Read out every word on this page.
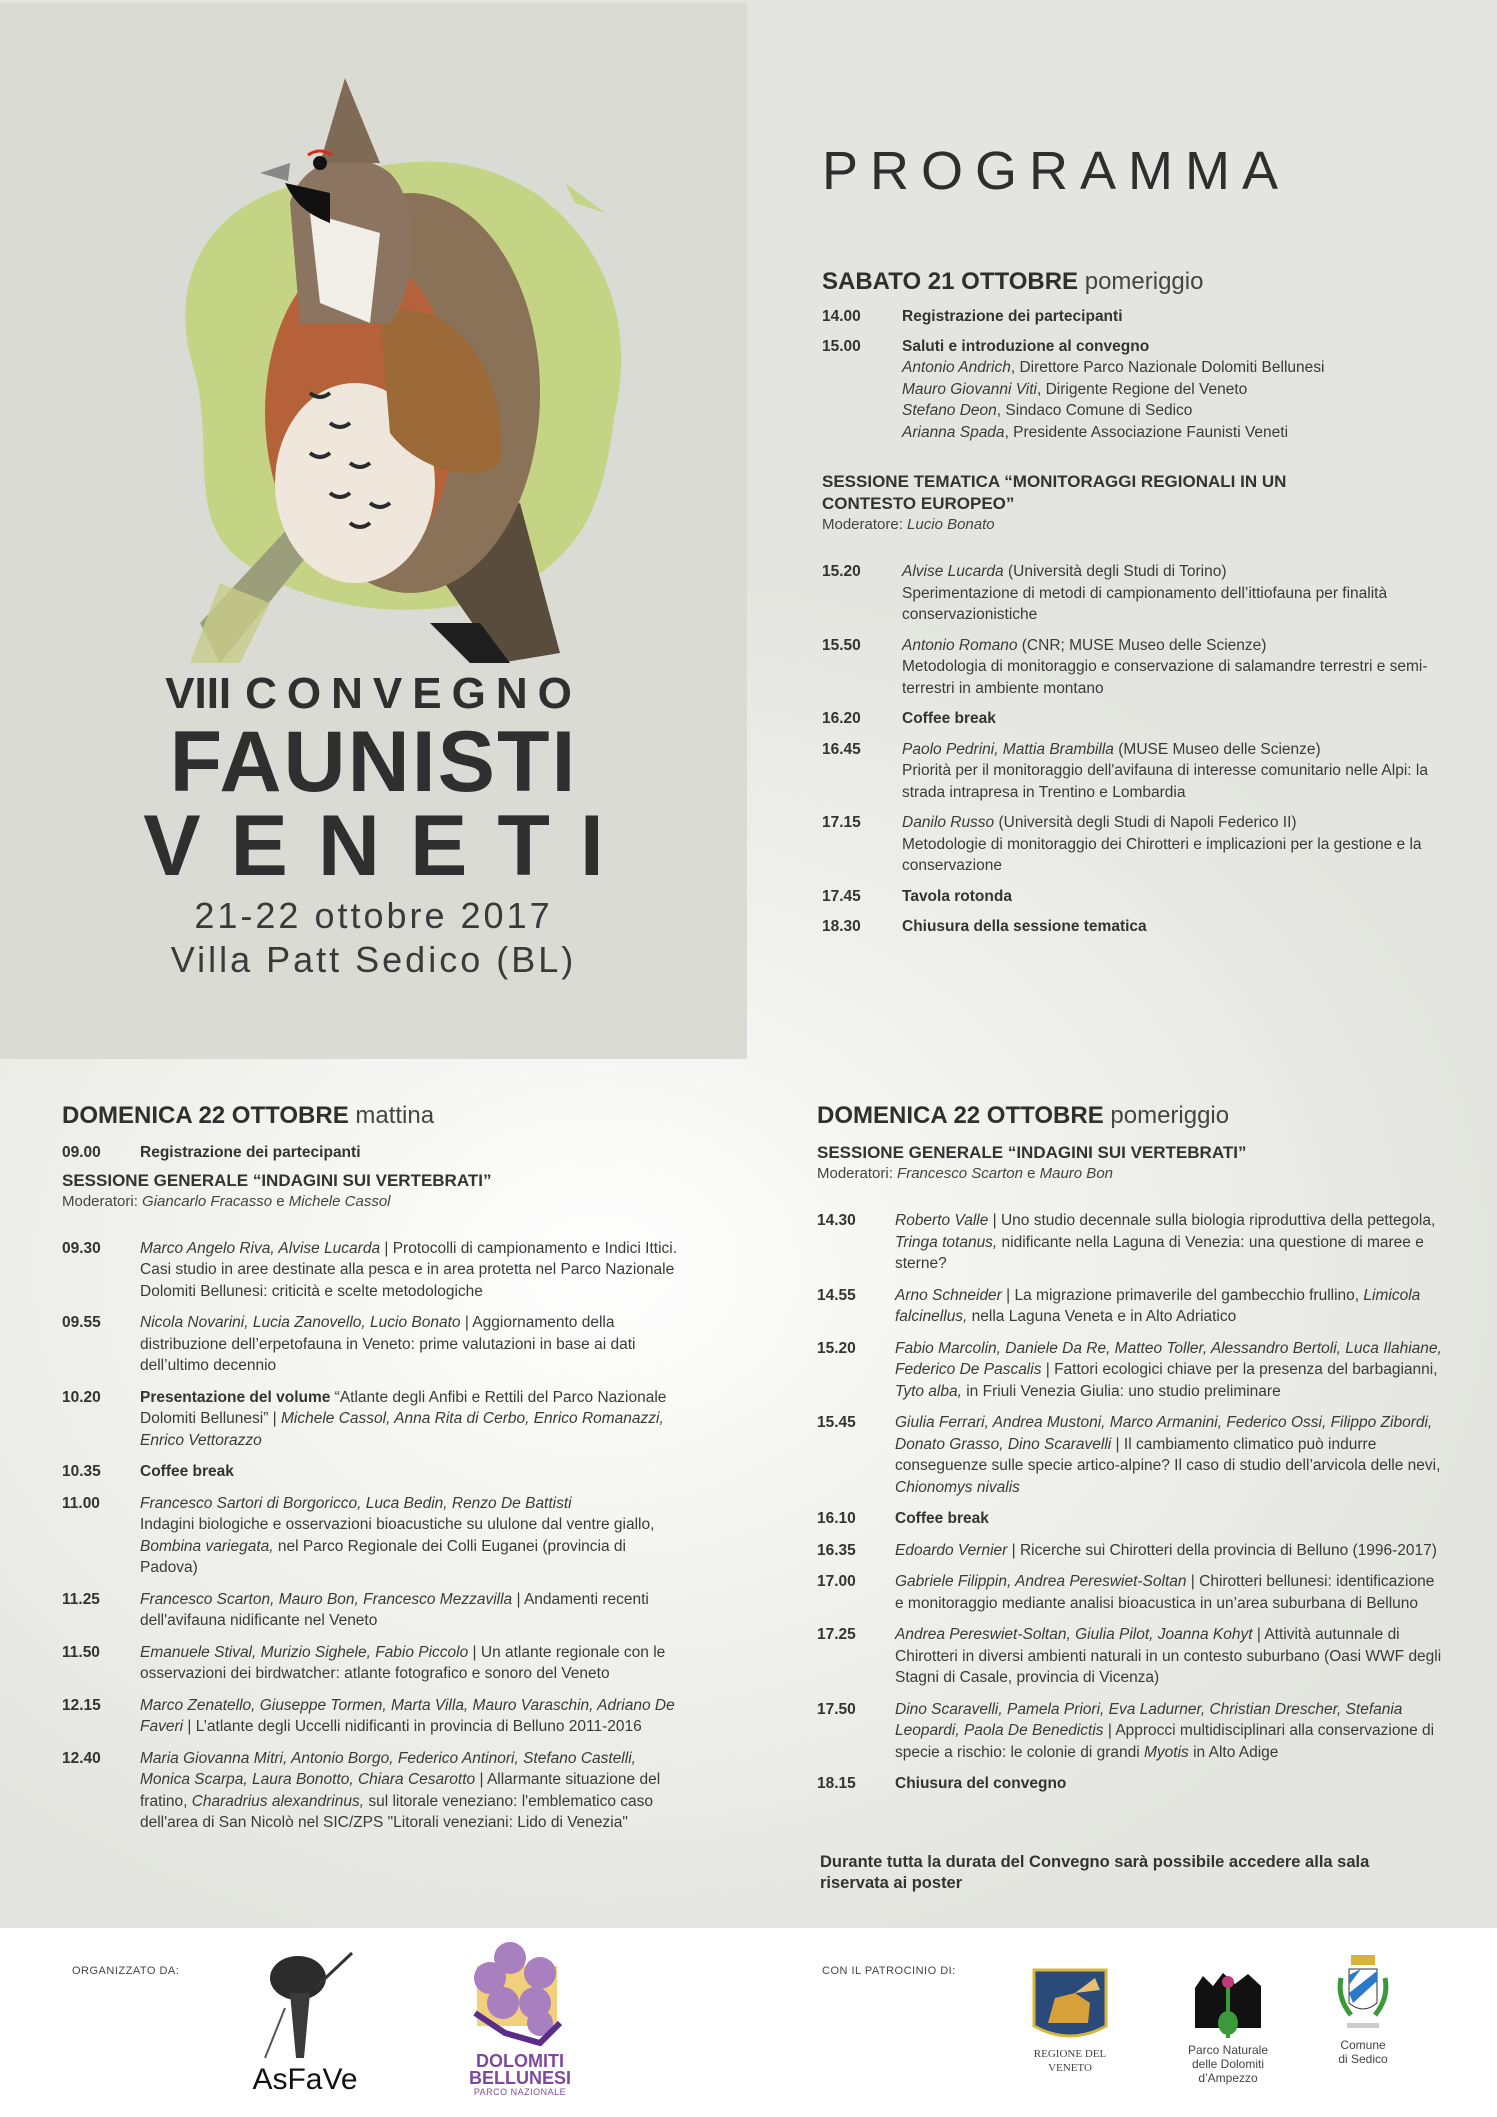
VIII CONVEGNO
FAUNISTI
VENETI
21-22 ottobre 2017
Villa Patt Sedico (BL)
PROGRAMMA
SABATO 21 OTTOBRE pomeriggio
14.00	Registrazione dei partecipanti
15.00	Saluti e introduzione al convegno
Antonio Andrich, Direttore Parco Nazionale Dolomiti Bellunesi
Mauro Giovanni Viti, Dirigente Regione del Veneto
Stefano Deon, Sindaco Comune di Sedico
Arianna Spada, Presidente Associazione Faunisti Veneti
SESSIONE TEMATICA “MONITORAGGI REGIONALI IN UN CONTESTO EUROPEO”
Moderatore: Lucio Bonato
15.20	Alvise Lucarda (Università degli Studi di Torino)
Sperimentazione di metodi di campionamento dell’ittiofauna per finalità conservazionistiche
15.50	Antonio Romano (CNR; MUSE Museo delle Scienze)
Metodologia di monitoraggio e conservazione di salamandre terrestri e semi-terrestri in ambiente montano
16.20	Coffee break
16.45	Paolo Pedrini, Mattia Brambilla (MUSE Museo delle Scienze)
Priorità per il monitoraggio dell'avifauna di interesse comunitario nelle Alpi: la strada intrapresa in Trentino e Lombardia
17.15	Danilo Russo (Università degli Studi di Napoli Federico II)
Metodologie di monitoraggio dei Chirotteri e implicazioni per la gestione e la conservazione
17.45	Tavola rotonda
18.30	Chiusura della sessione tematica
DOMENICA 22 OTTOBRE mattina
09.00	Registrazione dei partecipanti
SESSIONE GENERALE “INDAGINI SUI VERTEBRATI”
Moderatori: Giancarlo Fracasso e Michele Cassol
09.30	Marco Angelo Riva, Alvise Lucarda | Protocolli di campionamento e Indici Ittici. Casi studio in aree destinate alla pesca e in area protetta nel Parco Nazionale Dolomiti Bellunesi: criticità e scelte metodologiche
09.55	Nicola Novarini, Lucia Zanovello, Lucio Bonato | Aggiornamento della distribuzione dell’erpetofauna in Veneto: prime valutazioni in base ai dati dell’ultimo decennio
10.20	Presentazione del volume “Atlante degli Anfibi e Rettili del Parco Nazionale Dolomiti Bellunesi” | Michele Cassol, Anna Rita di Cerbo, Enrico Romanazzi, Enrico Vettorazzo
10.35	Coffee break
11.00	Francesco Sartori di Borgoricco, Luca Bedin, Renzo De Battisti
Indagini biologiche e osservazioni bioacustiche su ululone dal ventre giallo, Bombina variegata, nel Parco Regionale dei Colli Euganei (provincia di Padova)
11.25	Francesco Scarton, Mauro Bon, Francesco Mezzavilla | Andamenti recenti dell'avifauna nidificante nel Veneto
11.50	Emanuele Stival, Murizio Sighele, Fabio Piccolo | Un atlante regionale con le osservazioni dei birdwatcher: atlante fotografico e sonoro del Veneto
12.15	Marco Zenatello, Giuseppe Tormen, Marta Villa, Mauro Varaschin, Adriano De Faveri | L’atlante degli Uccelli nidificanti in provincia di Belluno 2011-2016
12.40	Maria Giovanna Mitri, Antonio Borgo, Federico Antinori, Stefano Castelli, Monica Scarpa, Laura Bonotto, Chiara Cesarotto | Allarmante situazione del fratino, Charadrius alexandrinus, sul litorale veneziano: l'emblematico caso dell'area di San Nicolò nel SIC/ZPS "Litorali veneziani: Lido di Venezia"
DOMENICA 22 OTTOBRE pomeriggio
SESSIONE GENERALE “INDAGINI SUI VERTEBRATI”
Moderatori: Francesco Scarton e Mauro Bon
14.30	Roberto Valle | Uno studio decennale sulla biologia riproduttiva della pettegola, Tringa totanus, nidificante nella Laguna di Venezia: una questione di maree e sterne?
14.55	Arno Schneider | La migrazione primaverile del gambecchio frullino, Limicola falcinellus, nella Laguna Veneta e in Alto Adriatico
15.20	Fabio Marcolin, Daniele Da Re, Matteo Toller, Alessandro Bertoli, Luca Ilahiane, Federico De Pascalis | Fattori ecologici chiave per la presenza del barbagianni, Tyto alba, in Friuli Venezia Giulia: uno studio preliminare
15.45	Giulia Ferrari, Andrea Mustoni, Marco Armanini, Federico Ossi, Filippo Zibordi, Donato Grasso, Dino Scaravelli | Il cambiamento climatico può indurre conseguenze sulle specie artico-alpine? Il caso di studio dell’arvicola delle nevi, Chionomys nivalis
16.10	Coffee break
16.35	Edoardo Vernier | Ricerche sui Chirotteri della provincia di Belluno (1996-2017)
17.00	Gabriele Filippin, Andrea Pereswiet-Soltan | Chirotteri bellunesi: identificazione e monitoraggio mediante analisi bioacustica in un’area suburbana di Belluno
17.25	Andrea Pereswiet-Soltan, Giulia Pilot, Joanna Kohyt | Attività autunnale di Chirotteri in diversi ambienti naturali in un contesto suburbano (Oasi WWF degli Stagni di Casale, provincia di Vicenza)
17.50	Dino Scaravelli, Pamela Priori, Eva Ladurner, Christian Drescher, Stefania Leopardi, Paola De Benedictis | Approcci multidisciplinari alla conservazione di specie a rischio: le colonie di grandi Myotis in Alto Adige
18.15	Chiusura del convegno
Durante tutta la durata del Convegno sarà possibile accedere alla sala riservata ai poster
ORGANIZZATO DA:
AsFaVe
DOLOMITI
BELLUNESI
PARCO NAZIONALE
CON IL PATROCINIO DI:
REGIONE DEL VENETO
Parco Naturale
delle Dolomiti
d’Ampezzo
Comune
di Sedico
